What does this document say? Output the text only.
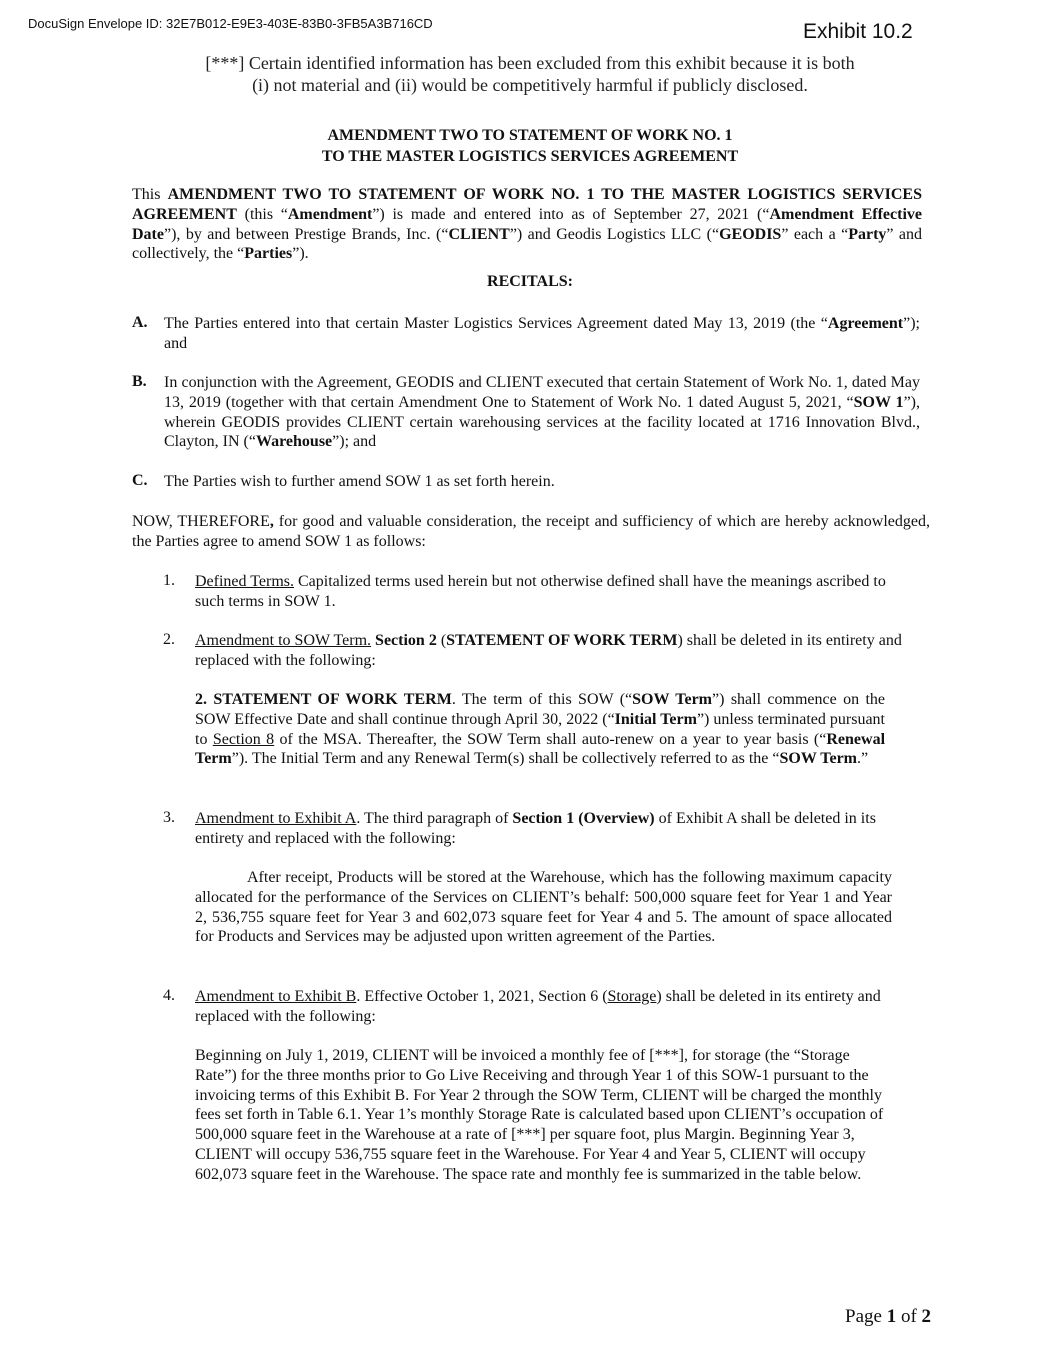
DocuSign Envelope ID: 32E7B012-E9E3-403E-83B0-3FB5A3B716CD	Exhibit 10.2
[***] Certain identified information has been excluded from this exhibit because it is both
(i) not material and (ii) would be competitively harmful if publicly disclosed.
AMENDMENT TWO TO STATEMENT OF WORK NO. 1
TO THE MASTER LOGISTICS SERVICES AGREEMENT
This AMENDMENT TWO TO STATEMENT OF WORK NO. 1 TO THE MASTER LOGISTICS SERVICES AGREEMENT (this “Amendment”) is made and entered into as of September 27, 2021 (“Amendment Effective Date”), by and between Prestige Brands, Inc. (“CLIENT”) and Geodis Logistics LLC (“GEODIS” each a “Party” and collectively, the “Parties”).
RECITALS:
A. The Parties entered into that certain Master Logistics Services Agreement dated May 13, 2019 (the “Agreement”); and
B. In conjunction with the Agreement, GEODIS and CLIENT executed that certain Statement of Work No. 1, dated May 13, 2019 (together with that certain Amendment One to Statement of Work No. 1 dated August 5, 2021, “SOW 1”), wherein GEODIS provides CLIENT certain warehousing services at the facility located at 1716 Innovation Blvd., Clayton, IN (“Warehouse”); and
C. The Parties wish to further amend SOW 1 as set forth herein.
NOW, THEREFORE, for good and valuable consideration, the receipt and sufficiency of which are hereby acknowledged, the Parties agree to amend SOW 1 as follows:
1. Defined Terms. Capitalized terms used herein but not otherwise defined shall have the meanings ascribed to such terms in SOW 1.
2. Amendment to SOW Term. Section 2 (STATEMENT OF WORK TERM) shall be deleted in its entirety and replaced with the following:
2. STATEMENT OF WORK TERM. The term of this SOW (“SOW Term”) shall commence on the SOW Effective Date and shall continue through April 30, 2022 (“Initial Term”) unless terminated pursuant to Section 8 of the MSA. Thereafter, the SOW Term shall auto-renew on a year to year basis (“Renewal Term”). The Initial Term and any Renewal Term(s) shall be collectively referred to as the “SOW Term.”
3. Amendment to Exhibit A. The third paragraph of Section 1 (Overview) of Exhibit A shall be deleted in its entirety and replaced with the following:
After receipt, Products will be stored at the Warehouse, which has the following maximum capacity allocated for the performance of the Services on CLIENT’s behalf: 500,000 square feet for Year 1 and Year 2, 536,755 square feet for Year 3 and 602,073 square feet for Year 4 and 5. The amount of space allocated for Products and Services may be adjusted upon written agreement of the Parties.
4. Amendment to Exhibit B. Effective October 1, 2021, Section 6 (Storage) shall be deleted in its entirety and replaced with the following:
Beginning on July 1, 2019, CLIENT will be invoiced a monthly fee of [***], for storage (the “Storage Rate”) for the three months prior to Go Live Receiving and through Year 1 of this SOW-1 pursuant to the invoicing terms of this Exhibit B. For Year 2 through the SOW Term, CLIENT will be charged the monthly fees set forth in Table 6.1. Year 1’s monthly Storage Rate is calculated based upon CLIENT’s occupation of 500,000 square feet in the Warehouse at a rate of [***] per square foot, plus Margin. Beginning Year 3, CLIENT will occupy 536,755 square feet in the Warehouse. For Year 4 and Year 5, CLIENT will occupy 602,073 square feet in the Warehouse. The space rate and monthly fee is summarized in the table below.
Page 1 of 2
